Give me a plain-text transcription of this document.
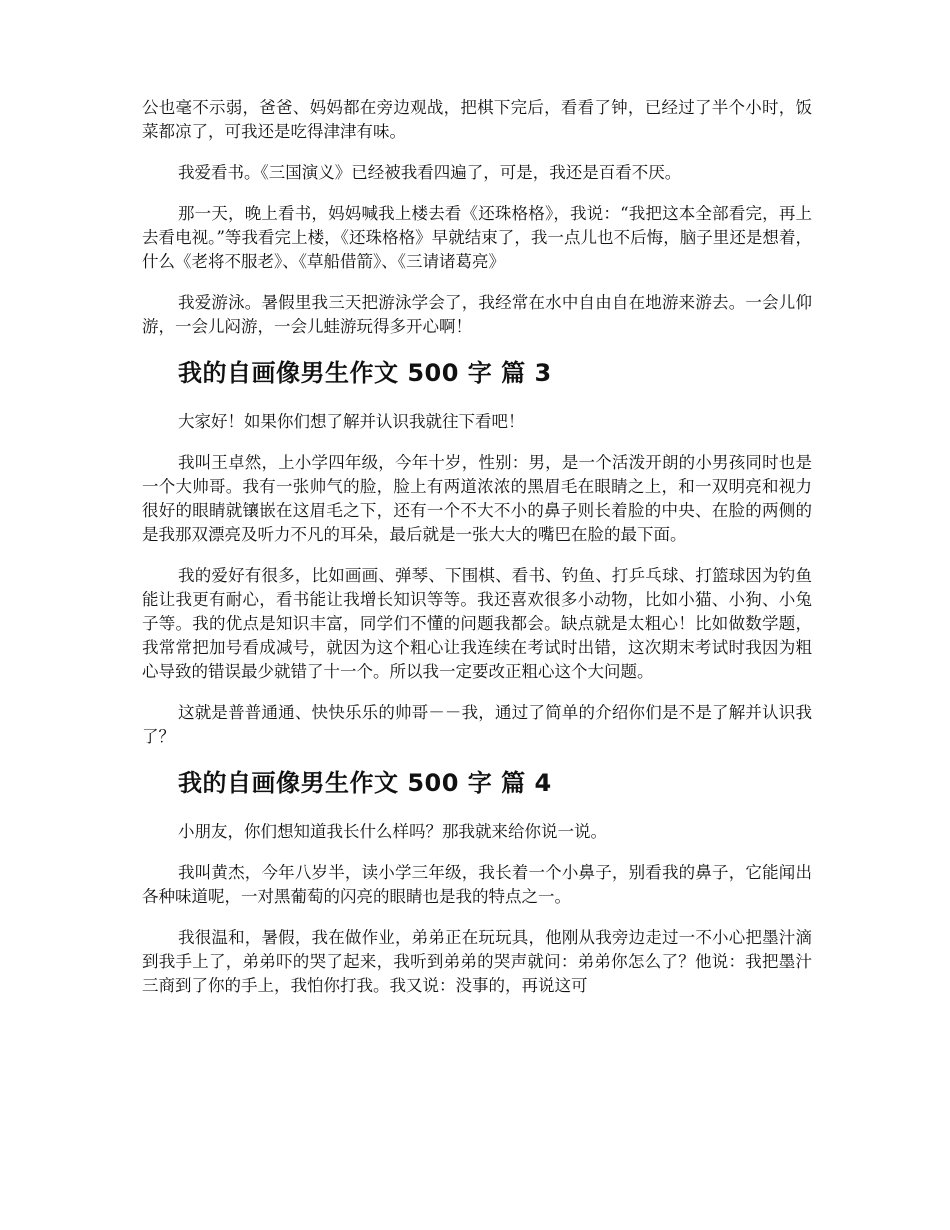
公也毫不示弱，爸爸、妈妈都在旁边观战，把棋下完后，看看了钟，已经过了半个小时，饭菜都凉了，可我还是吃得津津有味。

我爱看书。《三国演义》已经被我看四遍了，可是，我还是百看不厌。

那一天，晚上看书，妈妈喊我上楼去看《还珠格格》，我说：“我把这本全部看完，再上去看电视。”等我看完上楼，《还珠格格》早就结束了，我一点儿也不后悔，脑子里还是想着，什么《老将不服老》、《草船借箭》、《三请诸葛亮》

我爱游泳。暑假里我三天把游泳学会了，我经常在水中自由自在地游来游去。一会儿仰游，一会儿闷游，一会儿蛙游玩得多开心啊！

我的自画像男生作文 500 字 篇 3

大家好！如果你们想了解并认识我就往下看吧！

我叫王卓然，上小学四年级，今年十岁，性别：男，是一个活泼开朗的小男孩同时也是一个大帅哥。我有一张帅气的脸，脸上有两道浓浓的黑眉毛在眼睛之上，和一双明亮和视力很好的眼睛就镶嵌在这眉毛之下，还有一个不大不小的鼻子则长着脸的中央、在脸的两侧的是我那双漂亮及听力不凡的耳朵，最后就是一张大大的嘴巴在脸的最下面。

我的爱好有很多，比如画画、弹琴、下围棋、看书、钓鱼、打乒乓球、打篮球因为钓鱼能让我更有耐心，看书能让我增长知识等等。我还喜欢很多小动物，比如小猫、小狗、小兔子等。我的优点是知识丰富，同学们不懂的问题我都会。缺点就是太粗心！比如做数学题，我常常把加号看成减号，就因为这个粗心让我连续在考试时出错，这次期末考试时我因为粗心导致的错误最少就错了十一个。所以我一定要改正粗心这个大问题。

这就是普普通通、快快乐乐的帅哥－－我，通过了简单的介绍你们是不是了解并认识我了？

我的自画像男生作文 500 字 篇 4

小朋友，你们想知道我长什么样吗？那我就来给你说一说。

我叫黄杰，今年八岁半，读小学三年级，我长着一个小鼻子，别看我的鼻子，它能闻出各种味道呢，一对黑葡萄的闪亮的眼睛也是我的特点之一。

我很温和，暑假，我在做作业，弟弟正在玩玩具，他刚从我旁边走过一不小心把墨汁滴到我手上了，弟弟吓的哭了起来，我听到弟弟的哭声就问：弟弟你怎么了？他说：我把墨汁三商到了你的手上，我怕你打我。我又说：没事的，再说这可
